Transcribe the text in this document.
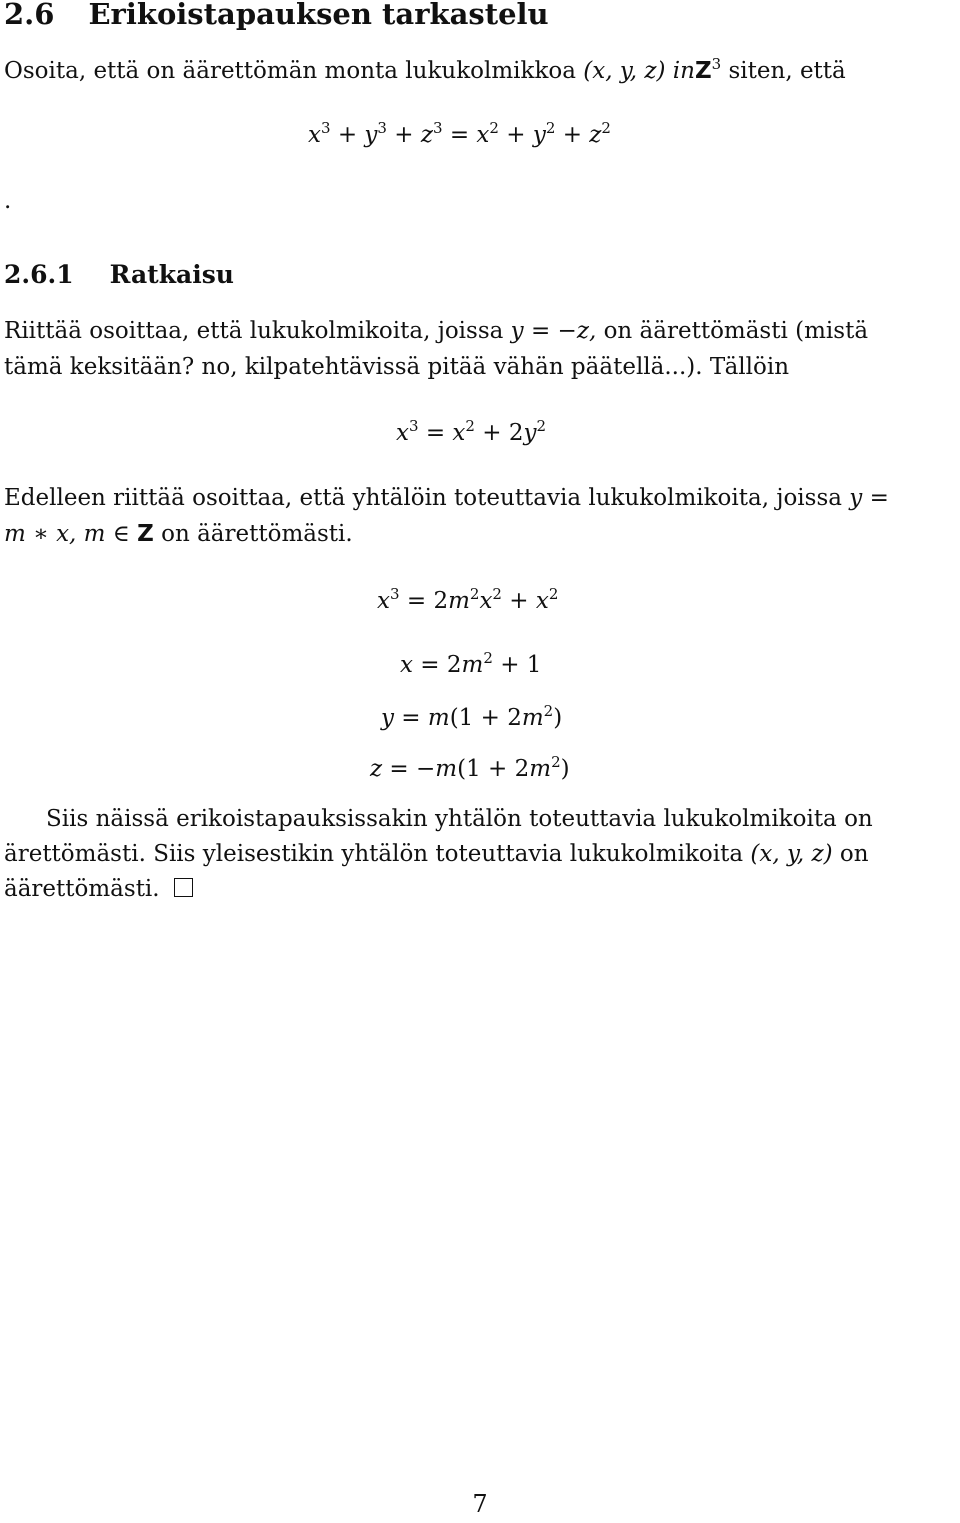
2.6 Erikoistapauksen tarkastelu
Osoita, että on äärettömän monta lukukolmikkoa (x, y, z) inZ$^3$ siten, että
$x^3 + y^3 + z^3 = x^2 + y^2 + z^2$
.
2.6.1 Ratkaisu
Riittää osoittaa, että lukukolmikoita, joissa y = −z, on äärettömästi (mistä
tämä keksitään? no, kilpatehtävissä pitää vähän päätellä...). Tällöin
$x^3 = x^2 + 2y^2$
Edelleen riittää osoittaa, että yhtälöin toteuttavia lukukolmikoita, joissa y =
m ∗ x, m ∈ Z on äärettömästi.
$x^3 = 2m^2x^2 + x^2$
$x = 2m^2 + 1$
$y = m(1 + 2m^2)$
$z = -m(1 + 2m^2)$
Siis näissä erikoistapauksissakin yhtälön toteuttavia lukukolmikoita on
ärettömästi. Siis yleisestikin yhtälön toteuttavia lukukolmikoita (x, y, z) on
äärettömästi.
7
